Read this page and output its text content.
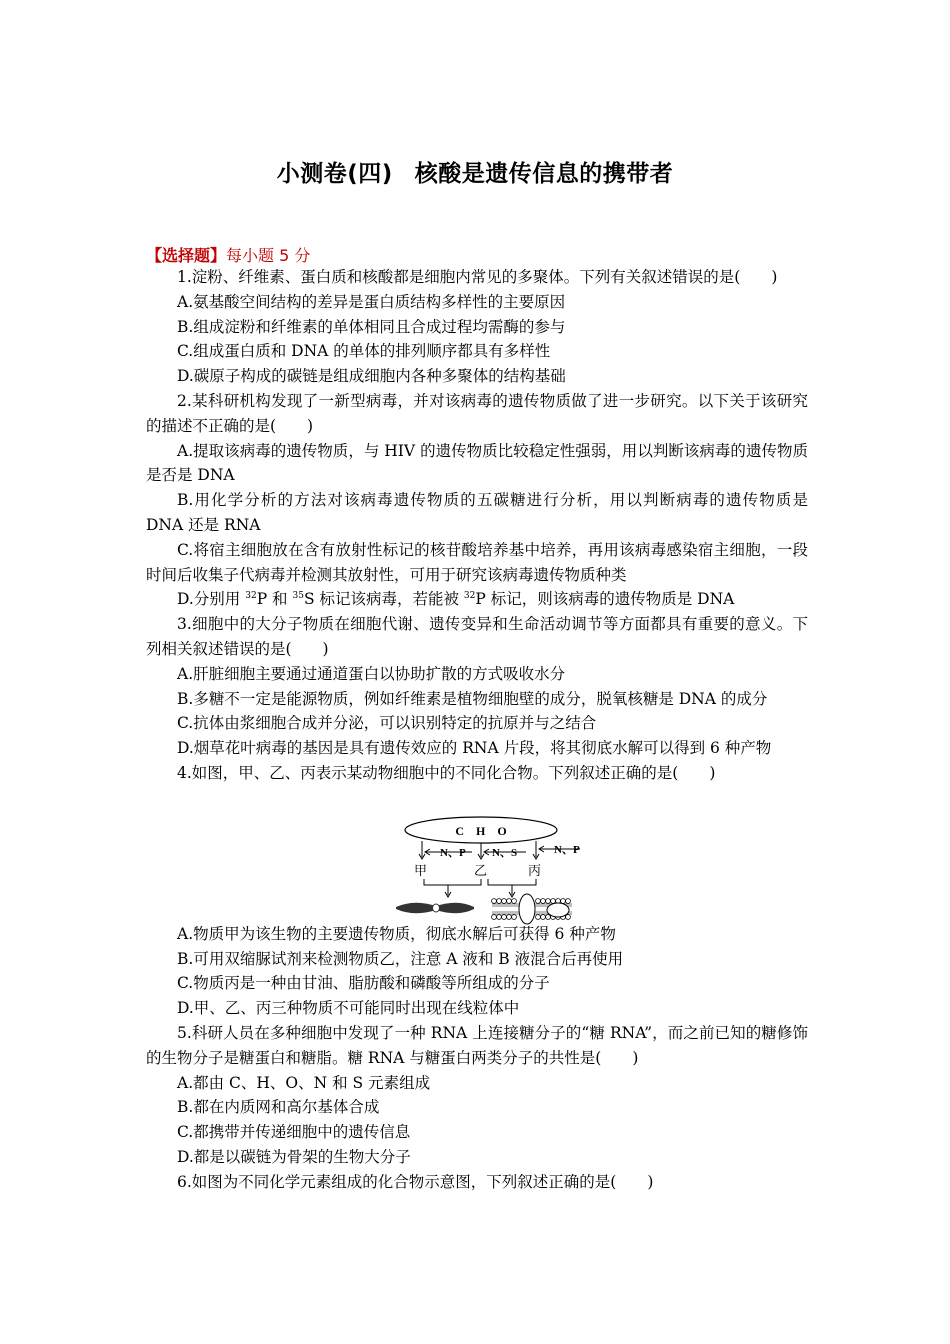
小测卷(四) 核酸是遗传信息的携带者
【选择题】每小题 5 分

1.淀粉、纤维素、蛋白质和核酸都是细胞内常见的多聚体。下列有关叙述错误的是(　　)

A.氨基酸空间结构的差异是蛋白质结构多样性的主要原因

B.组成淀粉和纤维素的单体相同且合成过程均需酶的参与

C.组成蛋白质和 DNA 的单体的排列顺序都具有多样性

D.碳原子构成的碳链是组成细胞内各种多聚体的结构基础

2.某科研机构发现了一新型病毒，并对该病毒的遗传物质做了进一步研究。以下关于该研究的描述不正确的是(　　)

A.提取该病毒的遗传物质，与 HIV 的遗传物质比较稳定性强弱，用以判断该病毒的遗传物质是否是 DNA

B.用化学分析的方法对该病毒遗传物质的五碳糖进行分析，用以判断病毒的遗传物质是 DNA 还是 RNA

C.将宿主细胞放在含有放射性标记的核苷酸培养基中培养，再用该病毒感染宿主细胞，一段时间后收集子代病毒并检测其放射性，可用于研究该病毒遗传物质种类

D.分别用 $^{32}$P 和 $^{35}$S 标记该病毒，若能被 $^{32}$P 标记，则该病毒的遗传物质是 DNA

3.细胞中的大分子物质在细胞代谢、遗传变异和生命活动调节等方面都具有重要的意义。下列相关叙述错误的是(　　)

A.肝脏细胞主要通过通道蛋白以协助扩散的方式吸收水分

B.多糖不一定是能源物质，例如纤维素是植物细胞壁的成分，脱氧核糖是 DNA 的成分

C.抗体由浆细胞合成并分泌，可以识别特定的抗原并与之结合

D.烟草花叶病毒的基因是具有遗传效应的 RNA 片段，将其彻底水解可以得到 6 种产物

4.如图，甲、乙、丙表示某动物细胞中的不同化合物。下列叙述正确的是(　　)

A.物质甲为该生物的主要遗传物质，彻底水解后可获得 6 种产物

B.可用双缩脲试剂来检测物质乙，注意 A 液和 B 液混合后再使用

C.物质丙是一种由甘油、脂肪酸和磷酸等所组成的分子

D.甲、乙、丙三种物质不可能同时出现在线粒体中

5.科研人员在多种细胞中发现了一种 RNA 上连接糖分子的“糖 RNA”，而之前已知的糖修饰的生物分子是糖蛋白和糖脂。糖 RNA 与糖蛋白两类分子的共性是(　　)

A.都由 C、H、O、N 和 S 元素组成

B.都在内质网和高尔基体合成

C.都携带并传递细胞中的遗传信息

D.都是以碳链为骨架的生物大分子

6.如图为不同化学元素组成的化合物示意图，下列叙述正确的是(　　)

C　H　O
N、P N、S	N、P
甲	乙	丙
